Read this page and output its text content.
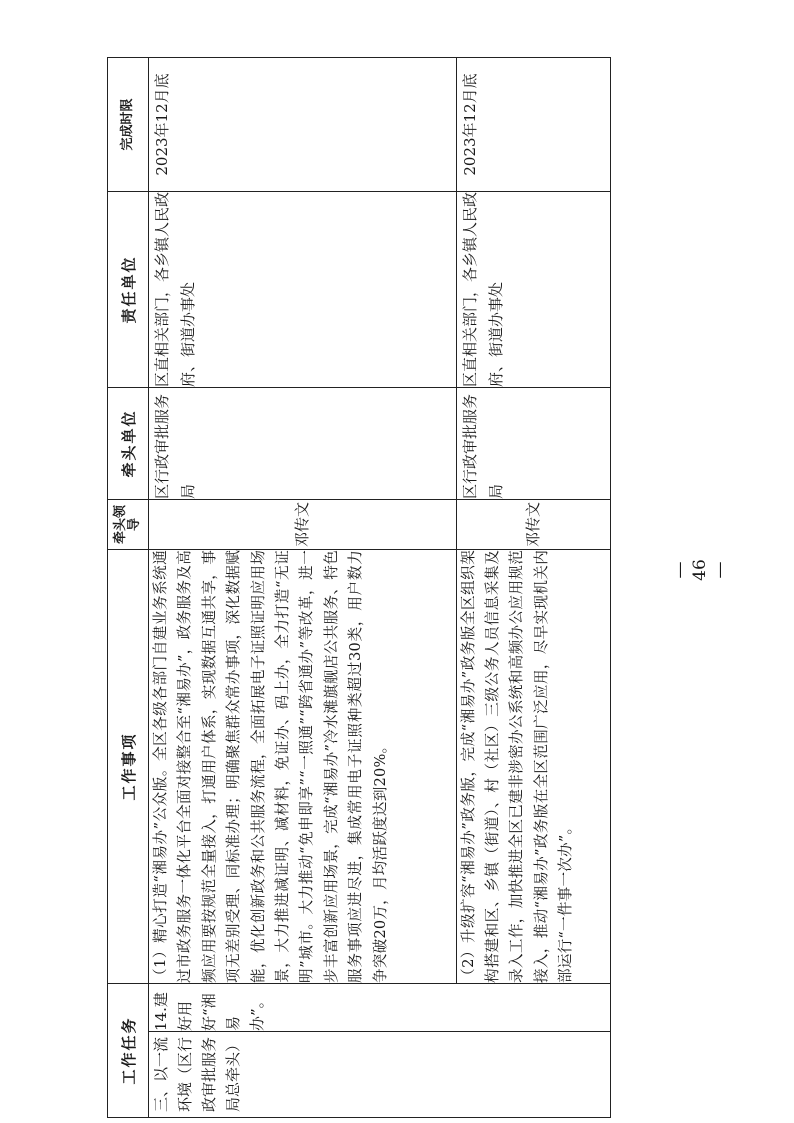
工作任务		工作事项	牵头领导	牵头单位	责任单位	完成时限
三、以一流环境（区行政审批服务局总牵头）	14.建好用好“湘易办”。	（1）精心打造“湘易办”公众版。全区各级各部门自建业务系统通过市政务服务一体化平台全面对接整合至“湘易办”，政务服务及高频应用要按规范全量接入，打通用户体系，实现数据互通共享，事项无差别受理、同标准办理；明确聚焦群众常办事项，深化数据赋能，优化创新政务和公共服务流程，全面拓展电子证照证明应用场景，大力推进减证明、减材料，免证办、码上办，全力打造“无证明”城市。大力推动“免申即享”“一照通”“跨省通办”等改革，进一步丰富创新应用场景，完成“湘易办”冷水滩旗舰店公共服务、特色服务事项应进尽进，集成常用电子证照种类超过30类，用户数力争突破20万，月均活跃度达到20%。	邓传文	区行政审批服务局	区直相关部门，各乡镇人民政府、街道办事处	2023年12月底
		（2）升级扩容“湘易办”政务版，完成“湘易办”政务版全区组织架构搭建和区、乡镇（街道）、村（社区）三级公务人员信息采集及录入工作，加快推进全区已建非涉密办公系统和高频办公应用规范接入，推动“湘易办”政务版在全区范围广泛应用，尽早实现机关内部运行“一件事一次办”。	邓传文	区行政审批服务局	区直相关部门，各乡镇人民政府、街道办事处	2023年12月底
— 46 —
